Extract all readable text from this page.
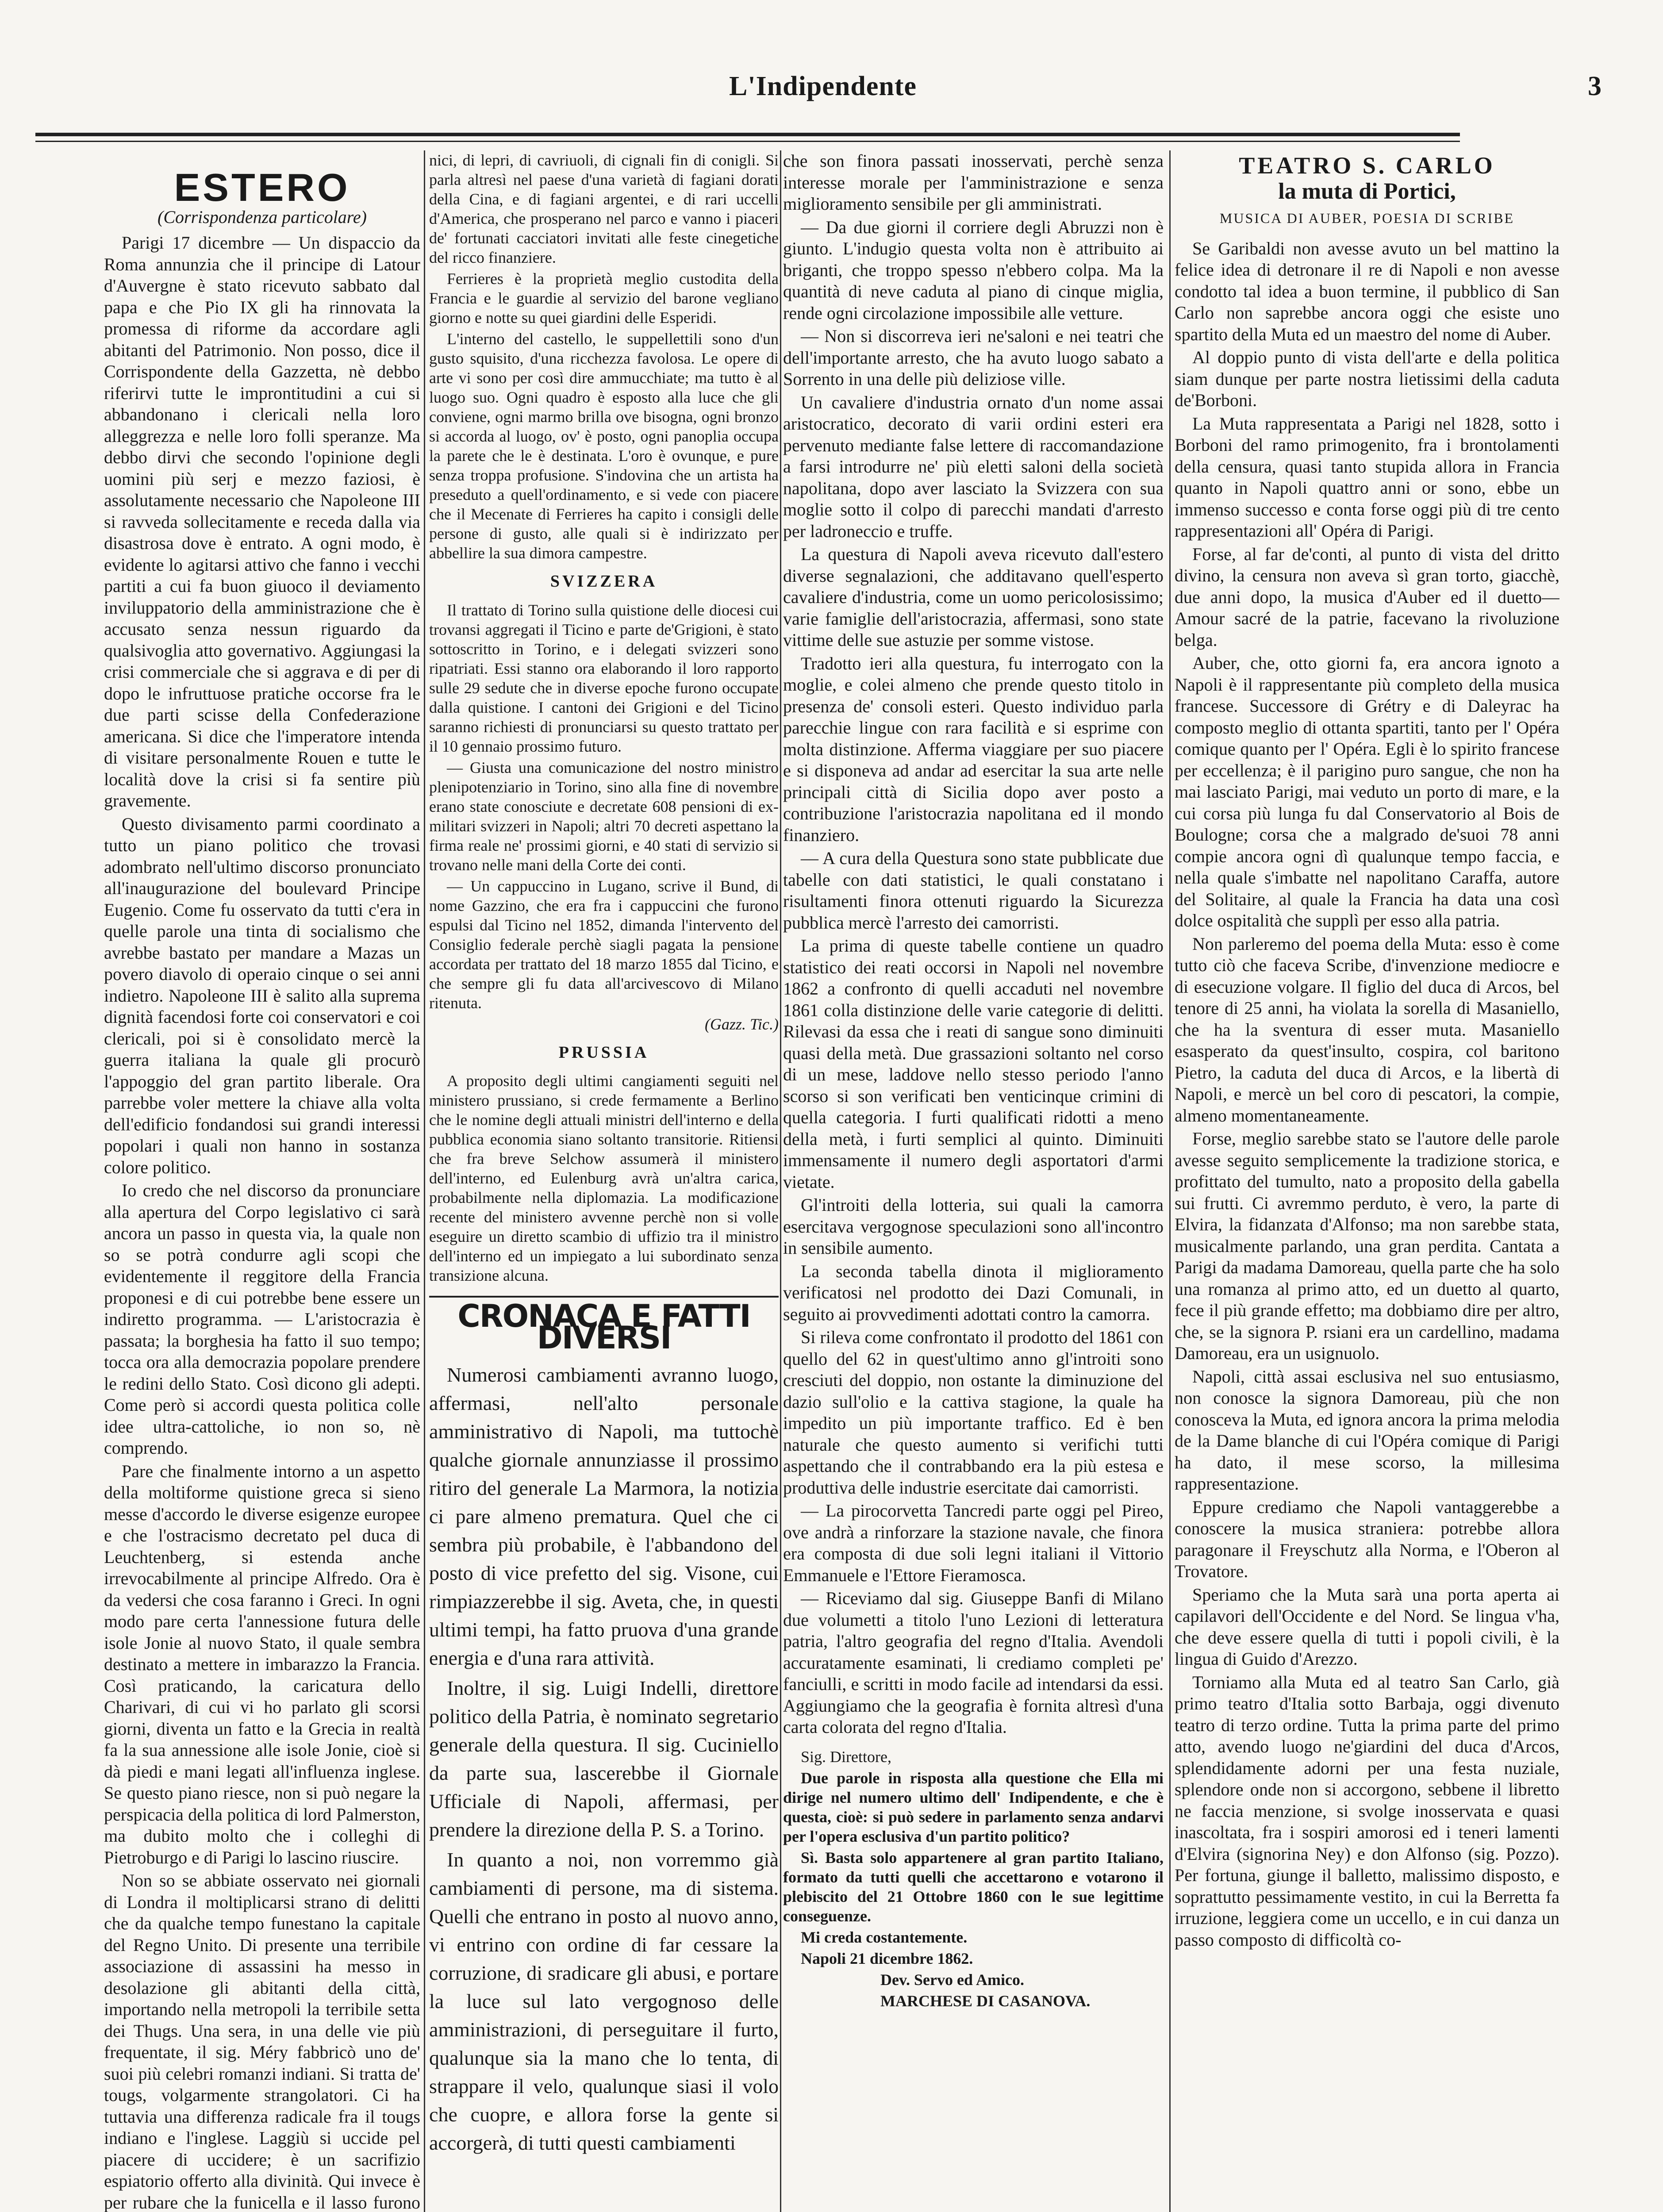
L'Indipendente	3
ESTERO
(Corrispondenza particolare)

Parigi 17 dicembre — Un dispaccio da Roma annunzia che il principe di Latour d'Auvergne è stato ricevuto sabbato dal papa e che Pio IX gli ha rinnovata la promessa di riforme da accordare agli abitanti del Patrimonio. Non posso, dice il Corrispondente della Gazzetta, nè debbo riferirvi tutte le improntitudini a cui si abbandonano i clericali nella loro alleggrezza e nelle loro folli speranze. Ma debbo dirvi che secondo l'opinione degli uomini più serj e mezzo faziosi, è assolutamente necessario che Napoleone III si ravveda sollecitamente e receda dalla via disastrosa dove è entrato. A ogni modo, è evidente lo agitarsi attivo che fanno i vecchi partiti a cui fa buon giuoco il deviamento inviluppatorio della amministrazione che è accusato senza nessun riguardo da qualsivoglia atto governativo. Aggiungasi la crisi commerciale che si aggrava e di per di dopo le infruttuose pratiche occorse fra le due parti scisse della Confederazione americana. Si dice che l'imperatore intenda di visitare personalmente Rouen e tutte le località dove la crisi si fa sentire più gravemente.

Questo divisamento parmi coordinato a tutto un piano politico che trovasi adombrato nell'ultimo discorso pronunciato all'inaugurazione del boulevard Principe Eugenio. Come fu osservato da tutti c'era in quelle parole una tinta di socialismo che avrebbe bastato per mandare a Mazas un povero diavolo di operaio cinque o sei anni indietro. Napoleone III è salito alla suprema dignità facendosi forte coi conservatori e coi clericali, poi si è consolidato mercè la guerra italiana la quale gli procurò l'appoggio del gran partito liberale. Ora parrebbe voler mettere la chiave alla volta dell'edificio fondandosi sui grandi interessi popolari i quali non hanno in sostanza colore politico.

Io credo che nel discorso da pronunciare alla apertura del Corpo legislativo ci sarà ancora un passo in questa via, la quale non so se potrà condurre agli scopi che evidentemente il reggitore della Francia proponesi e di cui potrebbe bene essere un indiretto programma. — L'aristocrazia è passata; la borghesia ha fatto il suo tempo; tocca ora alla democrazia popolare prendere le redini dello Stato. Così dicono gli adepti. Come però si accordi questa politica colle idee ultra-cattoliche, io non so, nè comprendo.

Pare che finalmente intorno a un aspetto della moltiforme quistione greca si sieno messe d'accordo le diverse esigenze europee e che l'ostracismo decretato pel duca di Leuchtenberg, si estenda anche irrevocabilmente al principe Alfredo. Ora è da vedersi che cosa faranno i Greci. In ogni modo pare certa l'annessione futura delle isole Jonie al nuovo Stato, il quale sembra destinato a mettere in imbarazzo la Francia. Così praticando, la caricatura dello Charivari, di cui vi ho parlato gli scorsi giorni, diventa un fatto e la Grecia in realtà fa la sua annessione alle isole Jonie, cioè si dà piedi e mani legati all'influenza inglese. Se questo piano riesce, non si può negare la perspicacia della politica di lord Palmerston, ma dubito molto che i colleghi di Pietroburgo e di Parigi lo lascino riuscire.

Non so se abbiate osservato nei giornali di Londra il moltiplicarsi strano di delitti che da qualche tempo funestano la capitale del Regno Unito. Di presente una terribile associazione di assassini ha messo in desolazione gli abitanti della città, importando nella metropoli la terribile setta dei Thugs. Una sera, in una delle vie più frequentate, il sig. Méry fabbricò uno de' suoi più celebri romanzi indiani. Si tratta de' tougs, volgarmente strangolatori. Ci ha tuttavia una differenza radicale fra il tougs indiano e l'inglese. Laggiù si uccide pel piacere di uccidere; è un sacrifizio espiatorio offerto alla divinità. Qui invece è per rubare che la funicella e il lasso furono

nici, di lepri, di cavriuoli, di cignali fin di conigli. Si parla altresì nel paese d'una varietà di fagiani dorati della Cina, e di fagiani argentei, e di rari uccelli d'America, che prosperano nel parco e vanno i piaceri de' fortunati cacciatori invitati alle feste cinegetiche del ricco finanziere.

Ferrieres è la proprietà meglio custodita della Francia e le guardie al servizio del barone vegliano giorno e notte su quei giardini delle Esperidi.

L'interno del castello, le suppellettili sono d'un gusto squisito, d'una ricchezza favolosa. Le opere di arte vi sono per così dire ammucchiate; ma tutto è al luogo suo. Ogni quadro è esposto alla luce che gli conviene, ogni marmo brilla ove bisogna, ogni bronzo si accorda al luogo, ov' è posto, ogni panoplia occupa la parete che le è destinata. L'oro è ovunque, e pure senza troppa profusione. S'indovina che un artista ha preseduto a quell'ordinamento, e si vede con piacere che il Mecenate di Ferrieres ha capito i consigli delle persone di gusto, alle quali si è indirizzato per abbellire la sua dimora campestre.

SVIZZERA

Il trattato di Torino sulla quistione delle diocesi cui trovansi aggregati il Ticino e parte de'Grigioni, è stato sottoscritto in Torino, e i delegati svizzeri sono ripatriati. Essi stanno ora elaborando il loro rapporto sulle 29 sedute che in diverse epoche furono occupate dalla quistione. I cantoni dei Grigioni e del Ticino saranno richiesti di pronunciarsi su questo trattato per il 10 gennaio prossimo futuro.

— Giusta una comunicazione del nostro ministro plenipotenziario in Torino, sino alla fine di novembre erano state conosciute e decretate 608 pensioni di ex-militari svizzeri in Napoli; altri 70 decreti aspettano la firma reale ne' prossimi giorni, e 40 stati di servizio si trovano nelle mani della Corte dei conti.

— Un cappuccino in Lugano, scrive il Bund, di nome Gazzino, che era fra i cappuccini che furono espulsi dal Ticino nel 1852, dimanda l'intervento del Consiglio federale perchè siagli pagata la pensione accordata per trattato del 18 marzo 1855 dal Ticino, e che sempre gli fu data all'arcivescovo di Milano ritenuta.

(Gazz. Tic.)
PRUSSIA

A proposito degli ultimi cangiamenti seguiti nel ministero prussiano, si crede fermamente a Berlino che le nomine degli attuali ministri dell'interno e della pubblica economia siano soltanto transitorie. Ritiensi che fra breve Selchow assumerà il ministero dell'interno, ed Eulenburg avrà un'altra carica, probabilmente nella diplomazia. La modificazione recente del ministero avvenne perchè non si volle eseguire un diretto scambio di uffizio tra il ministro dell'interno ed un impiegato a lui subordinato senza transizione alcuna.

CRONACA E FATTI DIVERSI

Numerosi cambiamenti avranno luogo, affermasi, nell'alto personale amministrativo di Napoli, ma tuttochè qualche giornale annunziasse il prossimo ritiro del generale La Marmora, la notizia ci pare almeno prematura. Quel che ci sembra più probabile, è l'abbandono del posto di vice prefetto del sig. Visone, cui rimpiazzerebbe il sig. Aveta, che, in questi ultimi tempi, ha fatto pruova d'una grande energia e d'una rara attività.

Inoltre, il sig. Luigi Indelli, direttore politico della Patria, è nominato segretario generale della questura. Il sig. Cuciniello da parte sua, lascerebbe il Giornale Ufficiale di Napoli, affermasi, per prendere la direzione della P. S. a Torino.

In quanto a noi, non vorremmo già cambiamenti di persone, ma di sistema. Quelli che entrano in posto al nuovo anno, vi entrino con ordine di far cessare la corruzione, di sradicare gli abusi, e portare la luce sul lato vergognoso delle amministrazioni, di perseguitare il furto, qualunque sia la mano che lo tenta, di strappare il velo, qualunque siasi il volo che cuopre, e allora forse la gente si accorgerà, di tutti questi cambiamenti

che son finora passati inosservati, perchè senza interesse morale per l'amministrazione e senza miglioramento sensibile per gli amministrati.

— Da due giorni il corriere degli Abruzzi non è giunto. L'indugio questa volta non è attribuito ai briganti, che troppo spesso n'ebbero colpa. Ma la quantità di neve caduta al piano di cinque miglia, rende ogni circolazione impossibile alle vetture.

— Non si discorreva ieri ne'saloni e nei teatri che dell'importante arresto, che ha avuto luogo sabato a Sorrento in una delle più deliziose ville.

Un cavaliere d'industria ornato d'un nome assai aristocratico, decorato di varii ordini esteri era pervenuto mediante false lettere di raccomandazione a farsi introdurre ne' più eletti saloni della società napolitana, dopo aver lasciato la Svizzera con sua moglie sotto il colpo di parecchi mandati d'arresto per ladroneccio e truffe.

La questura di Napoli aveva ricevuto dall'estero diverse segnalazioni, che additavano quell'esperto cavaliere d'industria, come un uomo pericolosissimo; varie famiglie dell'aristocrazia, affermasi, sono state vittime delle sue astuzie per somme vistose.

Tradotto ieri alla questura, fu interrogato con la moglie, e colei almeno che prende questo titolo in presenza de' consoli esteri. Questo individuo parla parecchie lingue con rara facilità e si esprime con molta distinzione. Afferma viaggiare per suo piacere e si disponeva ad andar ad esercitar la sua arte nelle principali città di Sicilia dopo aver posto a contribuzione l'aristocrazia napolitana ed il mondo finanziero.

— A cura della Questura sono state pubblicate due tabelle con dati statistici, le quali constatano i risultamenti finora ottenuti riguardo la Sicurezza pubblica mercè l'arresto dei camorristi.

La prima di queste tabelle contiene un quadro statistico dei reati occorsi in Napoli nel novembre 1862 a confronto di quelli accaduti nel novembre 1861 colla distinzione delle varie categorie di delitti. Rilevasi da essa che i reati di sangue sono diminuiti quasi della metà. Due grassazioni soltanto nel corso di un mese, laddove nello stesso periodo l'anno scorso si son verificati ben venticinque crimini di quella categoria. I furti qualificati ridotti a meno della metà, i furti semplici al quinto. Diminuiti immensamente il numero degli asportatori d'armi vietate.

Gl'introiti della lotteria, sui quali la camorra esercitava vergognose speculazioni sono all'incontro in sensibile aumento.

La seconda tabella dinota il miglioramento verificatosi nel prodotto dei Dazi Comunali, in seguito ai provvedimenti adottati contro la camorra.

Si rileva come confrontato il prodotto del 1861 con quello del 62 in quest'ultimo anno gl'introiti sono cresciuti del doppio, non ostante la diminuzione del dazio sull'olio e la cattiva stagione, la quale ha impedito un più importante traffico. Ed è ben naturale che questo aumento si verifichi tutti aspettando che il contrabbando era la più estesa e produttiva delle industrie esercitate dai camorristi.

— La pirocorvetta Tancredi parte oggi pel Pireo, ove andrà a rinforzare la stazione navale, che finora era composta di due soli legni italiani il Vittorio Emmanuele e l'Ettore Fieramosca.

— Riceviamo dal sig. Giuseppe Banfi di Milano due volumetti a titolo l'uno Lezioni di letteratura patria, l'altro geografia del regno d'Italia. Avendoli accuratamente esaminati, li crediamo completi pe' fanciulli, e scritti in modo facile ad intendarsi da essi. Aggiungiamo che la geografia è fornita altresì d'una carta colorata del regno d'Italia.

Sig. Direttore,

Due parole in risposta alla questione che Ella mi dirige nel numero ultimo dell' Indipendente, e che è questa, cioè: si può sedere in parlamento senza andarvi per l'opera esclusiva d'un partito politico?

Sì. Basta solo appartenere al gran partito Italiano, formato da tutti quelli che accettarono e votarono il plebiscito del 21 Ottobre 1860 con le sue legittime conseguenze.

Mi creda costantemente.

Napoli 21 dicembre 1862.

Dev. Servo ed Amico.

MARCHESE DI CASANOVA.

TEATRO S. CARLO
la muta di Portici,
MUSICA DI AUBER, POESIA DI SCRIBE

Se Garibaldi non avesse avuto un bel mattino la felice idea di detronare il re di Napoli e non avesse condotto tal idea a buon termine, il pubblico di San Carlo non saprebbe ancora oggi che esiste uno spartito della Muta ed un maestro del nome di Auber.

Al doppio punto di vista dell'arte e della politica siam dunque per parte nostra lietissimi della caduta de'Borboni.

La Muta rappresentata a Parigi nel 1828, sotto i Borboni del ramo primogenito, fra i brontolamenti della censura, quasi tanto stupida allora in Francia quanto in Napoli quattro anni or sono, ebbe un immenso successo e conta forse oggi più di tre cento rappresentazioni all' Opéra di Parigi.

Forse, al far de'conti, al punto di vista del dritto divino, la censura non aveva sì gran torto, giacchè, due anni dopo, la musica d'Auber ed il duetto—Amour sacré de la patrie, facevano la rivoluzione belga.

Auber, che, otto giorni fa, era ancora ignoto a Napoli è il rappresentante più completo della musica francese. Successore di Grétry e di Daleyrac ha composto meglio di ottanta spartiti, tanto per l' Opéra comique quanto per l' Opéra. Egli è lo spirito francese per eccellenza; è il parigino puro sangue, che non ha mai lasciato Parigi, mai veduto un porto di mare, e la cui corsa più lunga fu dal Conservatorio al Bois de Boulogne; corsa che a malgrado de'suoi 78 anni compie ancora ogni dì qualunque tempo faccia, e nella quale s'imbatte nel napolitano Caraffa, autore del Solitaire, al quale la Francia ha data una così dolce ospitalità che supplì per esso alla patria.

Non parleremo del poema della Muta: esso è come tutto ciò che faceva Scribe, d'invenzione mediocre e di esecuzione volgare. Il figlio del duca di Arcos, bel tenore di 25 anni, ha violata la sorella di Masaniello, che ha la sventura di esser muta. Masaniello esasperato da quest'insulto, cospira, col baritono Pietro, la caduta del duca di Arcos, e la libertà di Napoli, e mercè un bel coro di pescatori, la compie, almeno momentaneamente.

Forse, meglio sarebbe stato se l'autore delle parole avesse seguito semplicemente la tradizione storica, e profittato del tumulto, nato a proposito della gabella sui frutti. Ci avremmo perduto, è vero, la parte di Elvira, la fidanzata d'Alfonso; ma non sarebbe stata, musicalmente parlando, una gran perdita. Cantata a Parigi da madama Damoreau, quella parte che ha solo una romanza al primo atto, ed un duetto al quarto, fece il più grande effetto; ma dobbiamo dire per altro, che, se la signora P. rsiani era un cardellino, madama Damoreau, era un usignuolo.

Napoli, città assai esclusiva nel suo entusiasmo, non conosce la signora Damoreau, più che non conosceva la Muta, ed ignora ancora la prima melodia de la Dame blanche di cui l'Opéra comique di Parigi ha dato, il mese scorso, la millesima rappresentazione.

Eppure crediamo che Napoli vantaggerebbe a conoscere la musica straniera: potrebbe allora paragonare il Freyschutz alla Norma, e l'Oberon al Trovatore.

Speriamo che la Muta sarà una porta aperta ai capilavori dell'Occidente e del Nord. Se lingua v'ha, che deve essere quella di tutti i popoli civili, è la lingua di Guido d'Arezzo.

Torniamo alla Muta ed al teatro San Carlo, già primo teatro d'Italia sotto Barbaja, oggi divenuto teatro di terzo ordine. Tutta la prima parte del primo atto, avendo luogo ne'giardini del duca d'Arcos, splendidamente adorni per una festa nuziale, splendore onde non si accorgono, sebbene il libretto ne faccia menzione, si svolge inosservata e quasi inascoltata, fra i sospiri amorosi ed i teneri lamenti d'Elvira (signorina Ney) e don Alfonso (sig. Pozzo). Per fortuna, giunge il balletto, malissimo disposto, e soprattutto pessimamente vestito, in cui la Berretta fa irruzione, leggiera come un uccello, e in cui danza un passo composto di difficoltà co-
